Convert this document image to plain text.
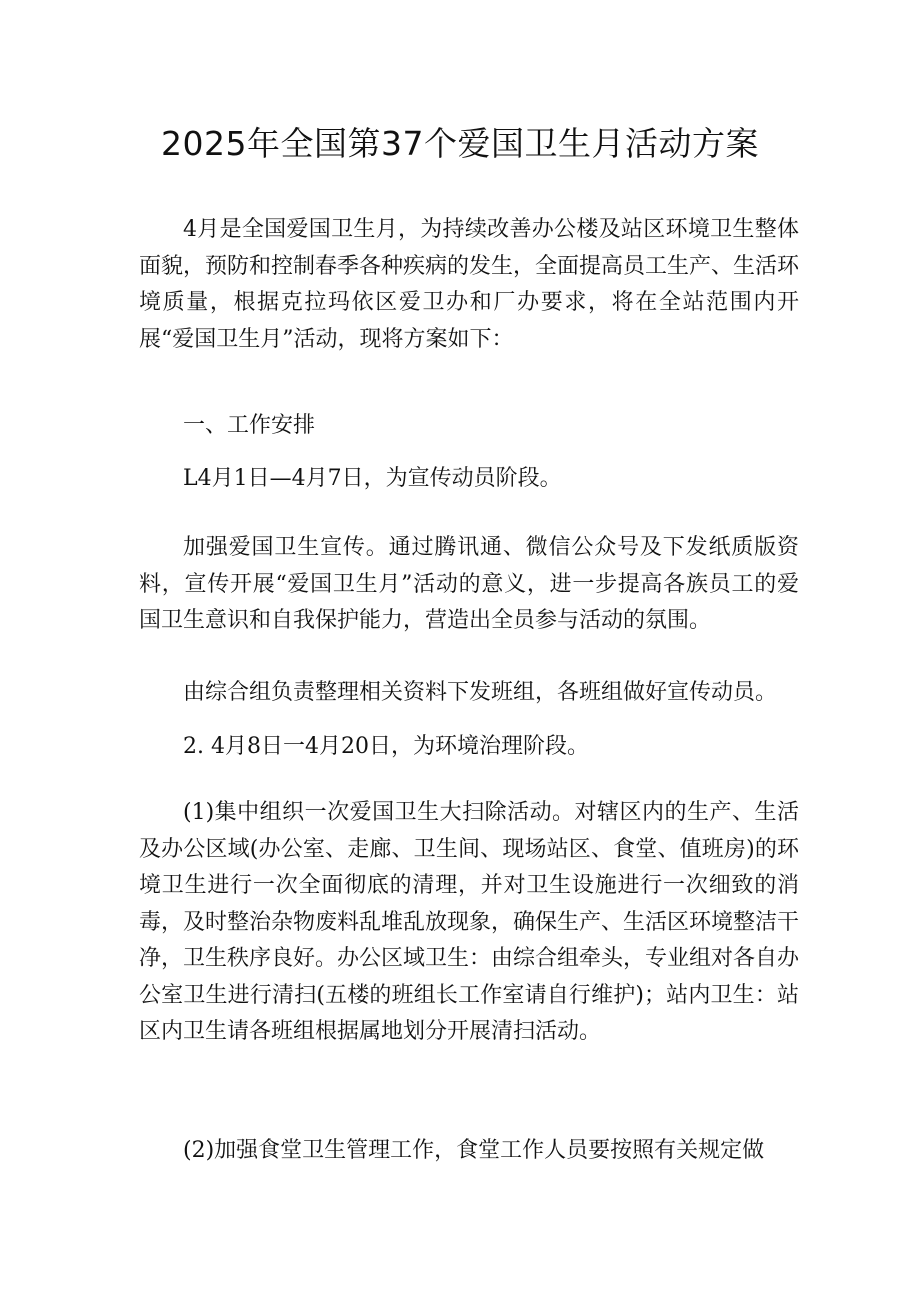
2025年全国第37个爱国卫生月活动方案

4月是全国爱国卫生月，为持续改善办公楼及站区环境卫生整体面貌，预防和控制春季各种疾病的发生，全面提高员工生产、生活环境质量，根据克拉玛依区爱卫办和厂办要求，将在全站范围内开展“爱国卫生月”活动，现将方案如下：

一、工作安排

L4月1日—4月7日，为宣传动员阶段。

加强爱国卫生宣传。通过腾讯通、微信公众号及下发纸质版资料，宣传开展“爱国卫生月”活动的意义，进一步提高各族员工的爱国卫生意识和自我保护能力，营造出全员参与活动的氛围。

由综合组负责整理相关资料下发班组，各班组做好宣传动员。

2. 4月8日一4月20日，为环境治理阶段。

(1)集中组织一次爱国卫生大扫除活动。对辖区内的生产、生活及办公区域(办公室、走廊、卫生间、现场站区、食堂、值班房)的环境卫生进行一次全面彻底的清理，并对卫生设施进行一次细致的消毒，及时整治杂物废料乱堆乱放现象，确保生产、生活区环境整洁干净，卫生秩序良好。办公区域卫生：由综合组牵头，专业组对各自办公室卫生进行清扫(五楼的班组长工作室请自行维护)；站内卫生：站区内卫生请各班组根据属地划分开展清扫活动。

(2)加强食堂卫生管理工作，食堂工作人员要按照有关规定做
